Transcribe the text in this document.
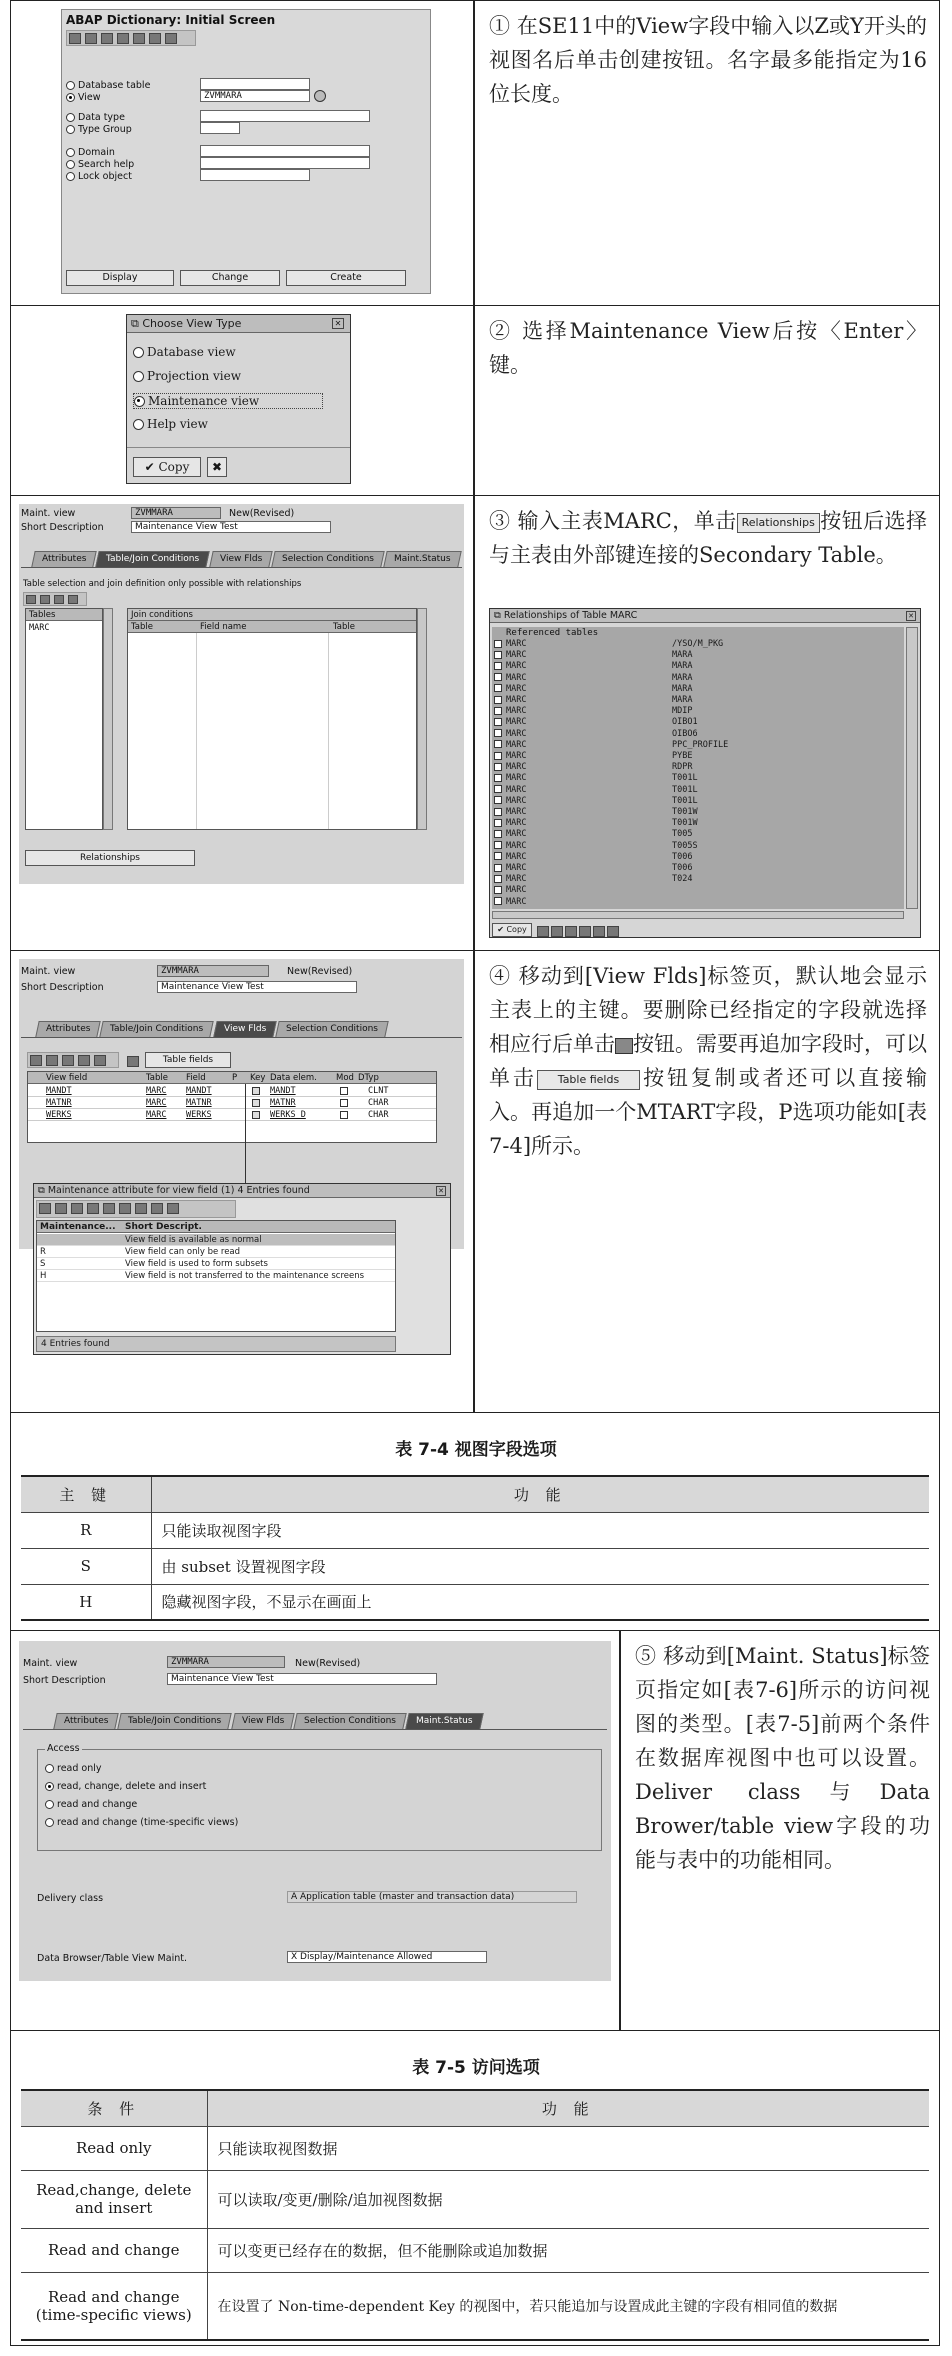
ABAP Dictionary: Initial Screen
Database table
View	ZVMMARA
Data type
Type Group
Domain
Search help
Lock object
Display	Change	Create
① 在SE11中的View字段中输入以Z或Y开头的视图名后单击创建按钮。名字最多能指定为16位长度。
⧉ Choose View Type	✕
Database view
Projection view
Maintenance view
Help view
✔ Copy	✖
② 选择Maintenance View后按〈Enter〉键。
Maint. view	ZVMMARA	New(Revised)
Short Description	Maintenance View Test
Attributes	Table/Join Conditions	View Flds	Selection Conditions	Maint.Status
Table selection and join definition only possible with relationships
Tables
MARC
Join conditions
Table	Field name	Table
Relationships
③ 输入主表MARC，单击 Relationships 按钮后选择与主表由外部键连接的Secondary Table。
⧉ Relationships of Table MARC	✕
Referenced tables
MARC	/YSO/M_PKG
MARC	MARA
MARC	MARA
MARC	MARA
MARC	MARA
MARC	MARA
MARC	MDIP
MARC	OIBO1
MARC	OIBO6
MARC	PPC_PROFILE
MARC	PYBE
MARC	RDPR
MARC	T001L
MARC	T001L
MARC	T001L
MARC	T001W
MARC	T001W
MARC	T005
MARC	T005S
MARC	T006
MARC	T006
MARC	T024
MARC
MARC
✔ Copy
Maint. view	ZVMMARA	New(Revised)
Short Description	Maintenance View Test
Attributes	Table/Join Conditions	View Flds	Selection Conditions
Table fields
View field	Table Field	P Key Data elem. Mod DTyp
MANDT	MARC MANDT	MANDT	CLNT
MATNR	MARC MATNR	MATNR	CHAR
WERKS	MARC WERKS	WERKS_D	CHAR
⧉ Maintenance attribute for view field (1) 4 Entries found	✕
Maintenance... Short Descript.
View field is available as normal
R	View field can only be read
S	View field is used to form subsets
H	View field is not transferred to the maintenance screens
4 Entries found
④ 移动到[View Flds]标签页，默认地会显示主表上的主键。要删除已经指定的字段就选择相应行后单击 按钮。需要再追加字段时，可以单击 Table fields 按钮复制或者还可以直接输入。再追加一个MTART字段，P选项功能如[表7-4]所示。
表 7-4 视图字段选项
主 键	功 能
R	只能读取视图字段
S	由 subset 设置视图字段
H	隐藏视图字段，不显示在画面上
Maint. view	ZVMMARA	New(Revised)
Short Description	Maintenance View Test
Attributes	Table/Join Conditions	View Flds	Selection Conditions	Maint.Status
Access
read only
read, change, delete and insert
read and change
read and change (time-specific views)
Delivery class	A Application table (master and transaction data)
Data Browser/Table View Maint.	X Display/Maintenance Allowed
⑤ 移动到[Maint. Status]标签页指定如[表7-6]所示的访问视图的类型。[表7-5]前两个条件在数据库视图中也可以设置。Deliver class与Data Brower/table view字段的功能与表中的功能相同。
表 7-5 访问选项
条 件	功 能
Read only	只能读取视图数据
Read,change, delete and insert	可以读取/变更/删除/追加视图数据
Read and change	可以变更已经存在的数据，但不能删除或追加数据
Read and change (time-specific views)	在设置了 Non-time-dependent Key 的视图中，若只能追加与设置成此主键的字段有相同值的数据
